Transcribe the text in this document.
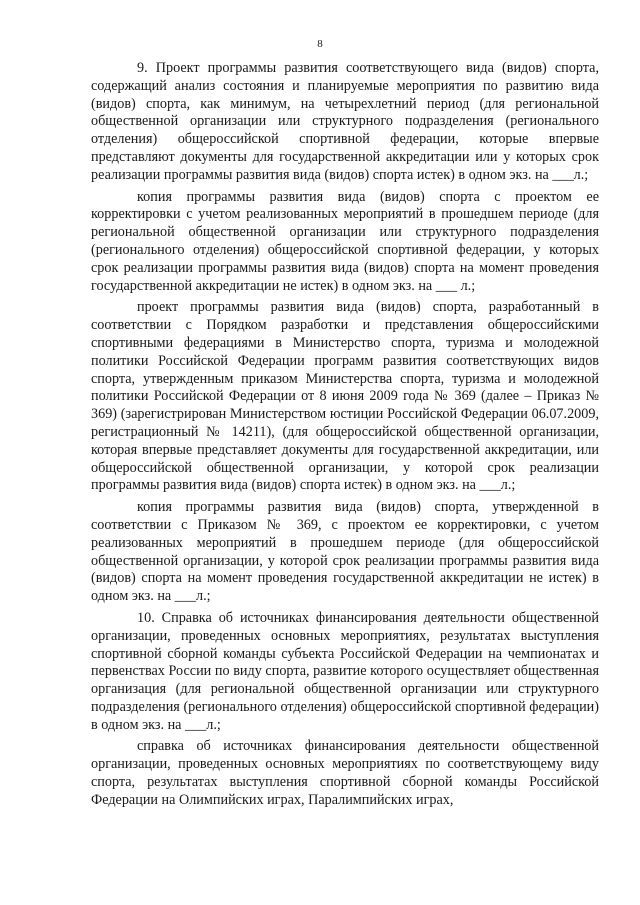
8

9. Проект программы развития соответствующего вида (видов) спорта, содержащий анализ состояния и планируемые мероприятия по развитию вида (видов) спорта, как минимум, на четырехлетний период (для региональной общественной организации или структурного подразделения (регионального отделения) общероссийской спортивной федерации, которые впервые представляют документы для государственной аккредитации или у которых срок реализации программы развития вида (видов) спорта истек) в одном экз. на ___л.;

копия программы развития вида (видов) спорта с проектом ее корректировки с учетом реализованных мероприятий в прошедшем периоде (для региональной общественной организации или структурного подразделения (регионального отделения) общероссийской спортивной федерации, у которых срок реализации программы развития вида (видов) спорта на момент проведения государственной аккредитации не истек) в одном экз. на ___ л.;

проект программы развития вида (видов) спорта, разработанный в соответствии с Порядком разработки и представления общероссийскими спортивными федерациями в Министерство спорта, туризма и молодежной политики Российской Федерации программ развития соответствующих видов спорта, утвержденным приказом Министерства спорта, туризма и молодежной политики Российской Федерации от 8 июня 2009 года № 369 (далее – Приказ № 369) (зарегистрирован Министерством юстиции Российской Федерации 06.07.2009, регистрационный № 14211), (для общероссийской общественной организации, которая впервые представляет документы для государственной аккредитации, или общероссийской общественной организации, у которой срок реализации программы развития вида (видов) спорта истек) в одном экз. на ___л.;

копия программы развития вида (видов) спорта, утвержденной в соответствии с Приказом № 369, с проектом ее корректировки, с учетом реализованных мероприятий в прошедшем периоде (для общероссийской общественной организации, у которой срок реализации программы развития вида (видов) спорта на момент проведения государственной аккредитации не истек) в одном экз. на ___л.;

10. Справка об источниках финансирования деятельности общественной организации, проведенных основных мероприятиях, результатах выступления спортивной сборной команды субъекта Российской Федерации на чемпионатах и первенствах России по виду спорта, развитие которого осуществляет общественная организация (для региональной общественной организации или структурного подразделения (регионального отделения) общероссийской спортивной федерации) в одном экз. на ___л.;

справка об источниках финансирования деятельности общественной организации, проведенных основных мероприятиях по соответствующему виду спорта, результатах выступления спортивной сборной команды Российской Федерации на Олимпийских играх, Паралимпийских играх,
